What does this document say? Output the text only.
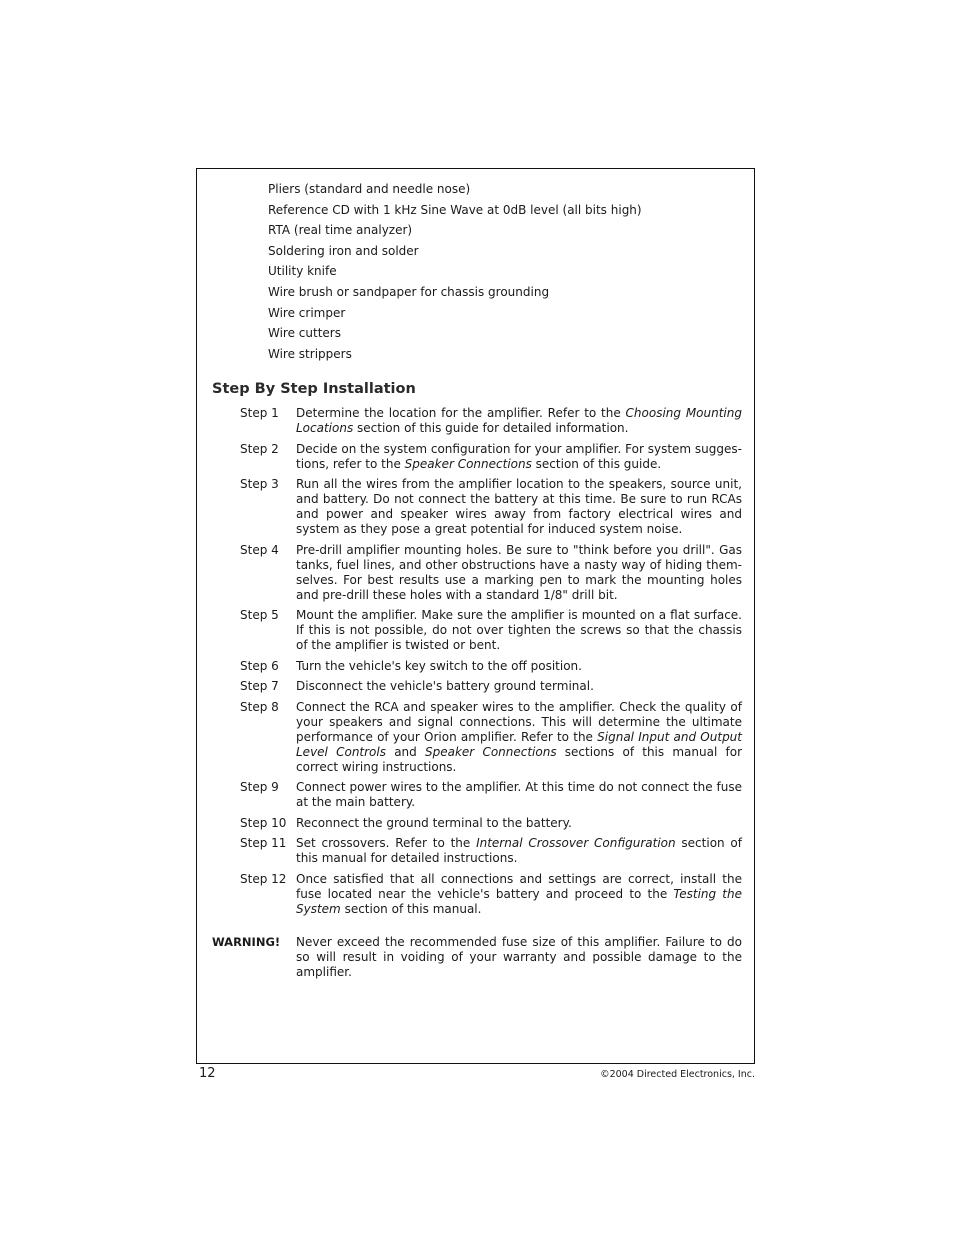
Pliers (standard and needle nose)
Reference CD with 1 kHz Sine Wave at 0dB level (all bits high)
RTA (real time analyzer)
Soldering iron and solder
Utility knife
Wire brush or sandpaper for chassis grounding
Wire crimper
Wire cutters
Wire strippers
Step By Step Installation
Step 1	Determine the location for the amplifier. Refer to the Choosing Mounting Locations section of this guide for detailed information.
Step 2	Decide on the system configuration for your amplifier. For system suggestions, refer to the Speaker Connections section of this guide.
Step 3	Run all the wires from the amplifier location to the speakers, source unit, and battery. Do not connect the battery at this time. Be sure to run RCAs and power and speaker wires away from factory electrical wires and system as they pose a great potential for induced system noise.
Step 4	Pre-drill amplifier mounting holes. Be sure to "think before you drill". Gas tanks, fuel lines, and other obstructions have a nasty way of hiding themselves. For best results use a marking pen to mark the mounting holes and pre-drill these holes with a standard 1/8" drill bit.
Step 5	Mount the amplifier. Make sure the amplifier is mounted on a flat surface. If this is not possible, do not over tighten the screws so that the chassis of the amplifier is twisted or bent.
Step 6	Turn the vehicle's key switch to the off position.
Step 7	Disconnect the vehicle's battery ground terminal.
Step 8	Connect the RCA and speaker wires to the amplifier. Check the quality of your speakers and signal connections. This will determine the ultimate performance of your Orion amplifier. Refer to the Signal Input and Output Level Controls and Speaker Connections sections of this manual for correct wiring instructions.
Step 9	Connect power wires to the amplifier. At this time do not connect the fuse at the main battery.
Step 10 Reconnect the ground terminal to the battery.
Step 11 Set crossovers. Refer to the Internal Crossover Configuration section of this manual for detailed instructions.
Step 12 Once satisfied that all connections and settings are correct, install the fuse located near the vehicle's battery and proceed to the Testing the System section of this manual.
WARNING!	Never exceed the recommended fuse size of this amplifier. Failure to do so will result in voiding of your warranty and possible damage to the amplifier.
12	©2004 Directed Electronics, Inc.
